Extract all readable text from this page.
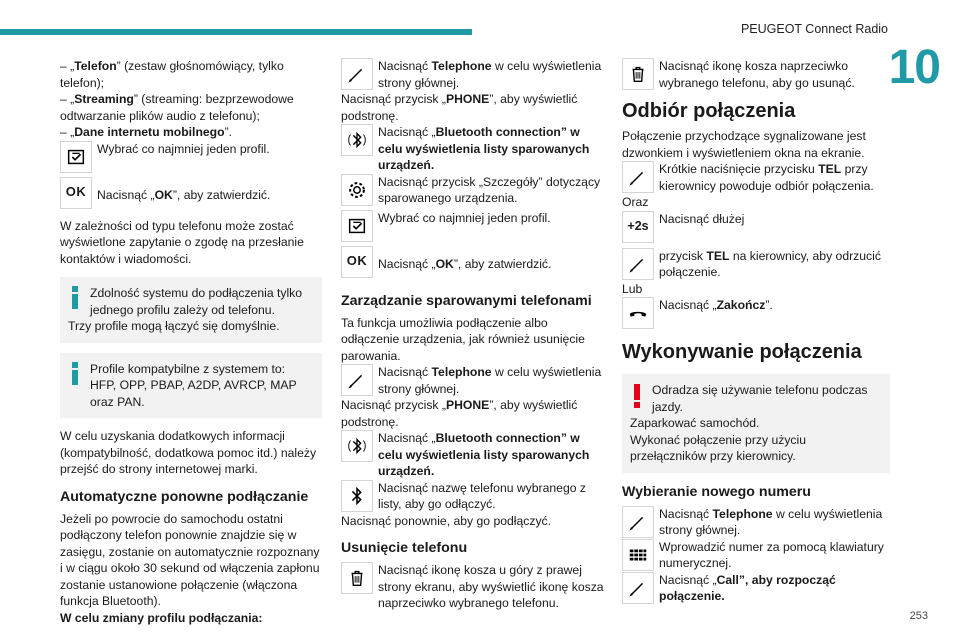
PEUGEOT Connect Radio
10
253

– „Telefon” (zestaw głośnomówiący, tylko telefon);

– „Streaming” (streaming: bezprzewodowe odtwarzanie plików audio z telefonu);

– „Dane internetu mobilnego”.

Wybrać co najmniej jeden profil.
OK Nacisnąć „OK”, aby zatwierdzić.

W zależności od typu telefonu może zostać wyświetlone zapytanie o zgodę na przesłanie kontaktów i wiadomości.

Zdolność systemu do podłączenia tylko jednego profilu zależy od telefonu.

Trzy profile mogą łączyć się domyślnie.

Profile kompatybilne z systemem to: HFP, OPP, PBAP, A2DP, AVRCP, MAP oraz PAN.

W celu uzyskania dodatkowych informacji (kompatybilność, dodatkowa pomoc itd.) należy przejść do strony internetowej marki.

Automatyczne ponowne podłączanie

Jeżeli po powrocie do samochodu ostatni podłączony telefon ponownie znajdzie się w zasięgu, zostanie on automatycznie rozpoznany i w ciągu około 30 sekund od włączenia zapłonu zostanie ustanowione połączenie (włączona funkcja Bluetooth).

W celu zmiany profilu podłączania:

Nacisnąć Telephone w celu wyświetlenia strony głównej.

Nacisnąć przycisk „PHONE”, aby wyświetlić podstronę.

Nacisnąć „Bluetooth connection” w celu wyświetlenia listy sparowanych urządzeń.
Nacisnąć przycisk „Szczegóły” dotyczący sparowanego urządzenia.
Wybrać co najmniej jeden profil.
OK Nacisnąć „OK”, aby zatwierdzić.
Zarządzanie sparowanymi telefonami

Ta funkcja umożliwia podłączenie albo odłączenie urządzenia, jak również usunięcie parowania.

Nacisnąć Telephone w celu wyświetlenia strony głównej.

Nacisnąć przycisk „PHONE”, aby wyświetlić podstronę.

Nacisnąć „Bluetooth connection” w celu wyświetlenia listy sparowanych urządzeń.
Nacisnąć nazwę telefonu wybranego z listy, aby go odłączyć.

Nacisnąć ponownie, aby go podłączyć.

Usunięcie telefonu
Nacisnąć ikonę kosza u góry z prawej strony ekranu, aby wyświetlić ikonę kosza naprzeciwko wybranego telefonu.
Nacisnąć ikonę kosza naprzeciwko wybranego telefonu, aby go usunąć.
Odbiór połączenia

Połączenie przychodzące sygnalizowane jest dzwonkiem i wyświetleniem okna na ekranie.

Krótkie naciśnięcie przycisku TEL przy kierownicy powoduje odbiór połączenia.

Oraz

+2s
Nacisnąć dłużej
przycisk TEL na kierownicy, aby odrzucić połączenie.

Lub

Nacisnąć „Zakończ”.
Wykonywanie połączenia

Odradza się używanie telefonu podczas jazdy.

Zaparkować samochód.

Wykonać połączenie przy użyciu przełączników przy kierownicy.

Wybieranie nowego numeru
Nacisnąć Telephone w celu wyświetlenia strony głównej.
Wprowadzić numer za pomocą klawiatury numerycznej.
Nacisnąć „Call”, aby rozpocząć połączenie.
